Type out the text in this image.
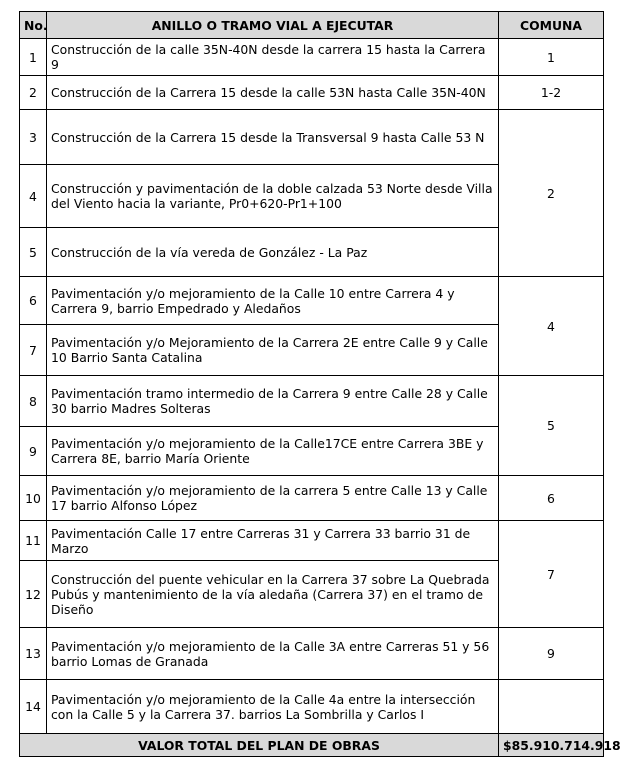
No.	ANILLO O TRAMO VIAL A EJECUTAR	COMUNA
1	Construcción de la calle 35N-40N desde la carrera 15 hasta la Carrera 9	1
2	Construcción de la Carrera 15 desde la calle 53N hasta Calle 35N-40N	1-2
3	Construcción de la Carrera 15 desde la Transversal 9 hasta Calle 53 N	2
4	Construcción y pavimentación de la doble calzada 53 Norte desde Villa del Viento hacia la variante, Pr0+620-Pr1+100	
5	Construcción de la vía vereda de González - La Paz	
6	Pavimentación y/o mejoramiento de la Calle 10 entre Carrera 4 y Carrera 9, barrio Empedrado y Aledaños	4
7	Pavimentación y/o Mejoramiento de la Carrera 2E entre Calle 9 y Calle 10 Barrio Santa Catalina	
8	Pavimentación tramo intermedio de la Carrera 9 entre Calle 28 y Calle 30 barrio Madres Solteras	5
9	Pavimentación y/o mejoramiento de la Calle17CE entre Carrera 3BE y Carrera 8E, barrio María Oriente	
10	Pavimentación y/o mejoramiento de la carrera 5 entre Calle 13 y Calle 17 barrio Alfonso López	6
11	Pavimentación Calle 17 entre Carreras 31 y Carrera 33 barrio 31 de Marzo	7
12	Construcción del puente vehicular en la Carrera 37 sobre La Quebrada Pubús y mantenimiento de la vía aledaña (Carrera 37) en el tramo de Diseño	
13	Pavimentación y/o mejoramiento de la Calle 3A entre Carreras 51 y 56 barrio Lomas de Granada	9
14	Pavimentación y/o mejoramiento de la Calle 4a entre la intersección con la Calle 5 y la Carrera 37. barrios La Sombrilla y Carlos I	
VALOR TOTAL DEL PLAN DE OBRAS		$85.910.714.918
